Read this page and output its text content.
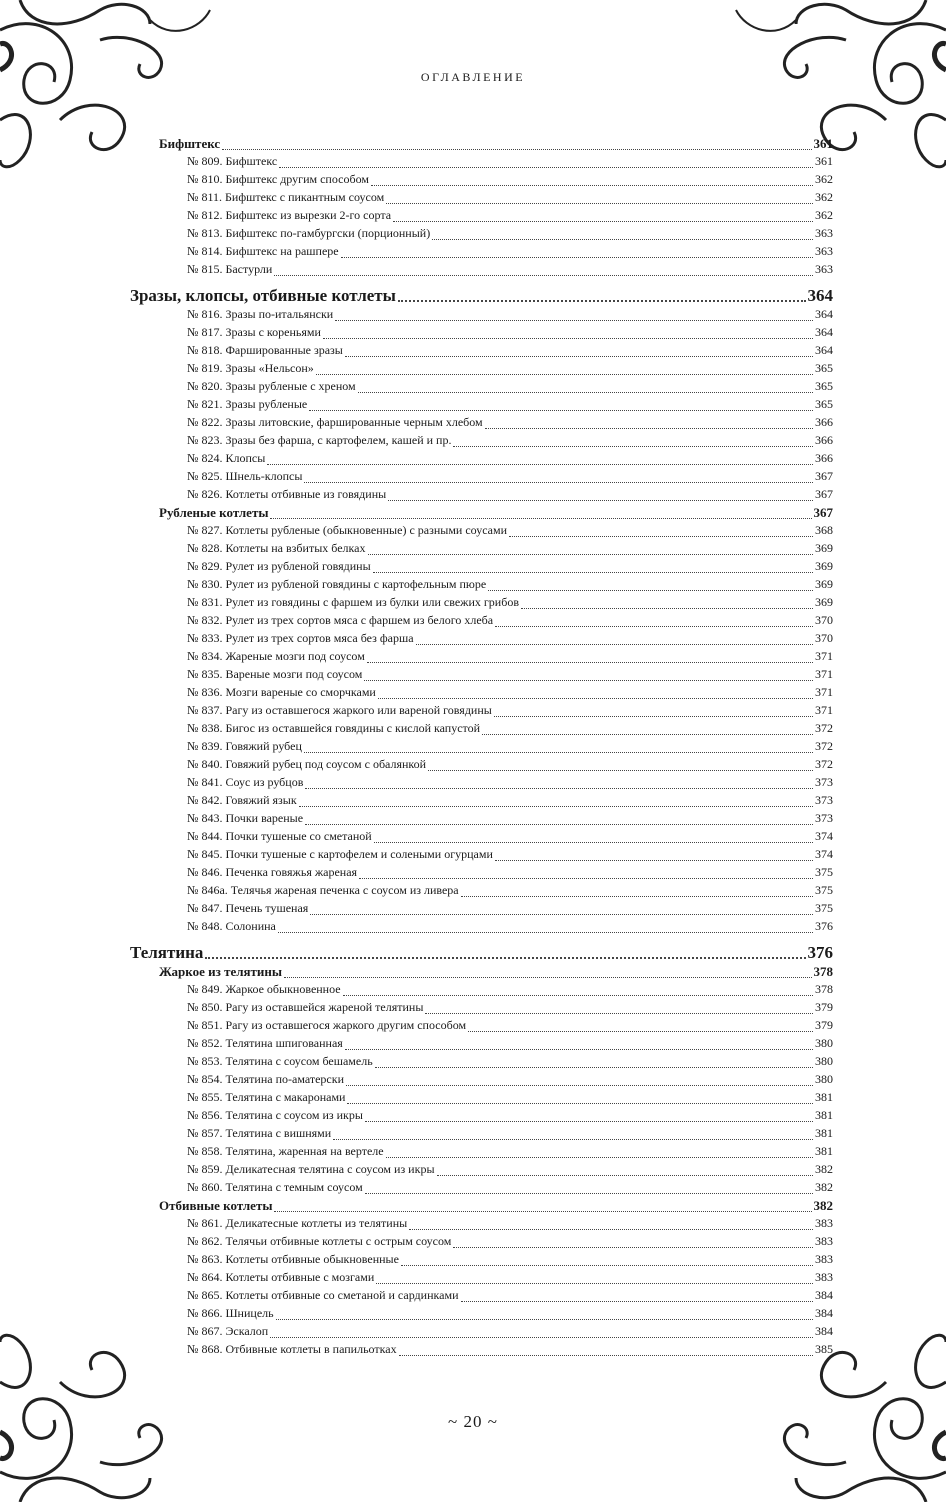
оглавление
Бифштекс	361
№ 809. Бифштекс	361
№ 810. Бифштекс другим способом	362
№ 811. Бифштекс с пикантным соусом	362
№ 812. Бифштекс из вырезки 2-го сорта	362
№ 813. Бифштекс по-гамбургски (порционный)	363
№ 814. Бифштекс на рашпере	363
№ 815. Бастурли	363
Зразы, клопсы, отбивные котлеты	364
№ 816. Зразы по-итальянски	364
№ 817. Зразы с кореньями	364
№ 818. Фаршированные зразы	364
№ 819. Зразы «Нельсон»	365
№ 820. Зразы рубленые с хреном	365
№ 821. Зразы рубленые	365
№ 822. Зразы литовские, фаршированные черным хлебом	366
№ 823. Зразы без фарша, с картофелем, кашей и пр.	366
№ 824. Клопсы	366
№ 825. Шнель-клопсы	367
№ 826. Котлеты отбивные из говядины	367
Рубленые котлеты	367
№ 827. Котлеты рубленые (обыкновенные) с разными соусами	368
№ 828. Котлеты на взбитых белках	369
№ 829. Рулет из рубленой говядины	369
№ 830. Рулет из рубленой говядины с картофельным пюре	369
№ 831. Рулет из говядины с фаршем из булки или свежих грибов	369
№ 832. Рулет из трех сортов мяса с фаршем из белого хлеба	370
№ 833. Рулет из трех сортов мяса без фарша	370
№ 834. Жареные мозги под соусом	371
№ 835. Вареные мозги под соусом	371
№ 836. Мозги вареные со сморчками	371
№ 837. Рагу из оставшегося жаркого или вареной говядины	371
№ 838. Бигос из оставшейся говядины с кислой капустой	372
№ 839. Говяжий рубец	372
№ 840. Говяжий рубец под соусом с обалянкой	372
№ 841. Соус из рубцов	373
№ 842. Говяжий язык	373
№ 843. Почки вареные	373
№ 844. Почки тушеные со сметаной	374
№ 845. Почки тушеные с картофелем и солеными огурцами	374
№ 846. Печенка говяжья жареная	375
№ 846а. Телячья жареная печенка с соусом из ливера	375
№ 847. Печень тушеная	375
№ 848. Солонина	376
Телятина	376
Жаркое из телятины	378
№ 849. Жаркое обыкновенное	378
№ 850. Рагу из оставшейся жареной телятины	379
№ 851. Рагу из оставшегося жаркого другим способом	379
№ 852. Телятина шпигованная	380
№ 853. Телятина с соусом бешамель	380
№ 854. Телятина по-аматерски	380
№ 855. Телятина с макаронами	381
№ 856. Телятина с соусом из икры	381
№ 857. Телятина с вишнями	381
№ 858. Телятина, жаренная на вертеле	381
№ 859. Деликатесная телятина с соусом из икры	382
№ 860. Телятина с темным соусом	382
Отбивные котлеты	382
№ 861. Деликатесные котлеты из телятины	383
№ 862. Телячьи отбивные котлеты с острым соусом	383
№ 863. Котлеты отбивные обыкновенные	383
№ 864. Котлеты отбивные с мозгами	383
№ 865. Котлеты отбивные со сметаной и сардинками	384
№ 866. Шницель	384
№ 867. Эскалоп	384
№ 868. Отбивные котлеты в папильотках	385
~ 20 ~
